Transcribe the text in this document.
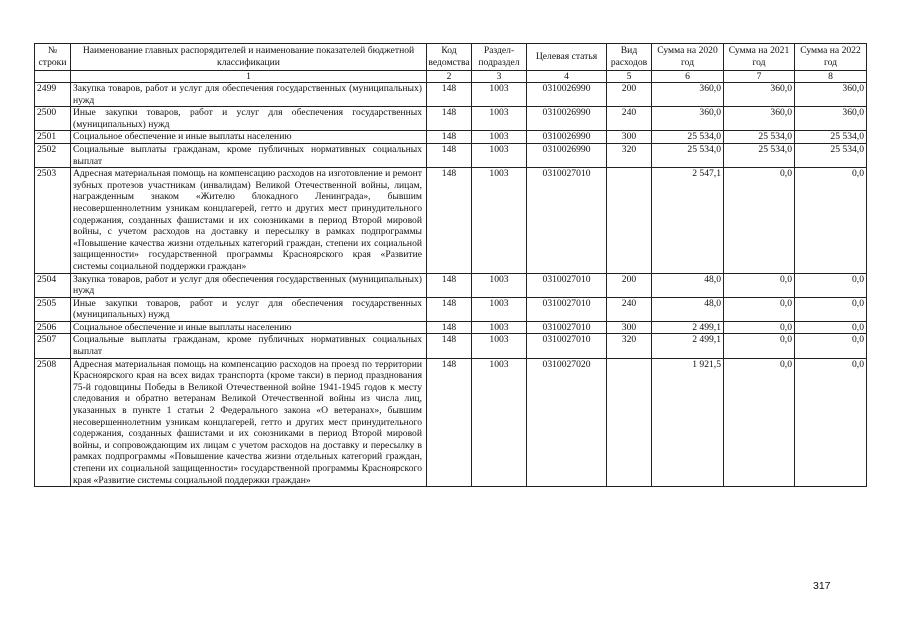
№ строки	Наименование главных распорядителей и наименование показателей бюджетной классификации	Код ведомства	Раздел-подраздел	Целевая статья	Вид расходов	Сумма на 2020 год	Сумма на 2021 год	Сумма на 2022 год
	1	2	3	4	5	6	7	8
2499	Закупка товаров, работ и услуг для обеспечения государственных (муниципальных) нужд	148	1003	0310026990	200	360,0	360,0	360,0
2500	Иные закупки товаров, работ и услуг для обеспечения государственных (муниципальных) нужд	148	1003	0310026990	240	360,0	360,0	360,0
2501	Социальное обеспечение и иные выплаты населению	148	1003	0310026990	300	25 534,0	25 534,0	25 534,0
2502	Социальные выплаты гражданам, кроме публичных нормативных социальных выплат	148	1003	0310026990	320	25 534,0	25 534,0	25 534,0
2503	Адресная материальная помощь на компенсацию расходов на изготовление и ремонт зубных протезов участникам (инвалидам) Великой Отечественной войны, лицам, награжденным знаком «Жителю блокадного Ленинграда», бывшим несовершеннолетним узникам концлагерей, гетто и других мест принудительного содержания, созданных фашистами и их союзниками в период Второй мировой войны, с учетом расходов на доставку и пересылку в рамках подпрограммы «Повышение качества жизни отдельных категорий граждан, степени их социальной защищенности» государственной программы Красноярского края «Развитие системы социальной поддержки граждан»	148	1003	0310027010		2 547,1	0,0	0,0
2504	Закупка товаров, работ и услуг для обеспечения государственных (муниципальных) нужд	148	1003	0310027010	200	48,0	0,0	0,0
2505	Иные закупки товаров, работ и услуг для обеспечения государственных (муниципальных) нужд	148	1003	0310027010	240	48,0	0,0	0,0
2506	Социальное обеспечение и иные выплаты населению	148	1003	0310027010	300	2 499,1	0,0	0,0
2507	Социальные выплаты гражданам, кроме публичных нормативных социальных выплат	148	1003	0310027010	320	2 499,1	0,0	0,0
2508	Адресная материальная помощь на компенсацию расходов на проезд по территории Красноярского края на всех видах транспорта (кроме такси) в период празднования 75-й годовщины Победы в Великой Отечественной войне 1941-1945 годов к месту следования и обратно ветеранам Великой Отечественной войны из числа лиц, указанных в пункте 1 статьи 2 Федерального закона «О ветеранах», бывшим несовершеннолетним узникам концлагерей, гетто и других мест принудительного содержания, созданных фашистами и их союзниками в период Второй мировой войны, и сопровождающим их лицам с учетом расходов на доставку и пересылку в рамках подпрограммы «Повышение качества жизни отдельных категорий граждан, степени их социальной защищенности» государственной программы Красноярского края «Развитие системы социальной поддержки граждан»	148	1003	0310027020		1 921,5	0,0	0,0
317
